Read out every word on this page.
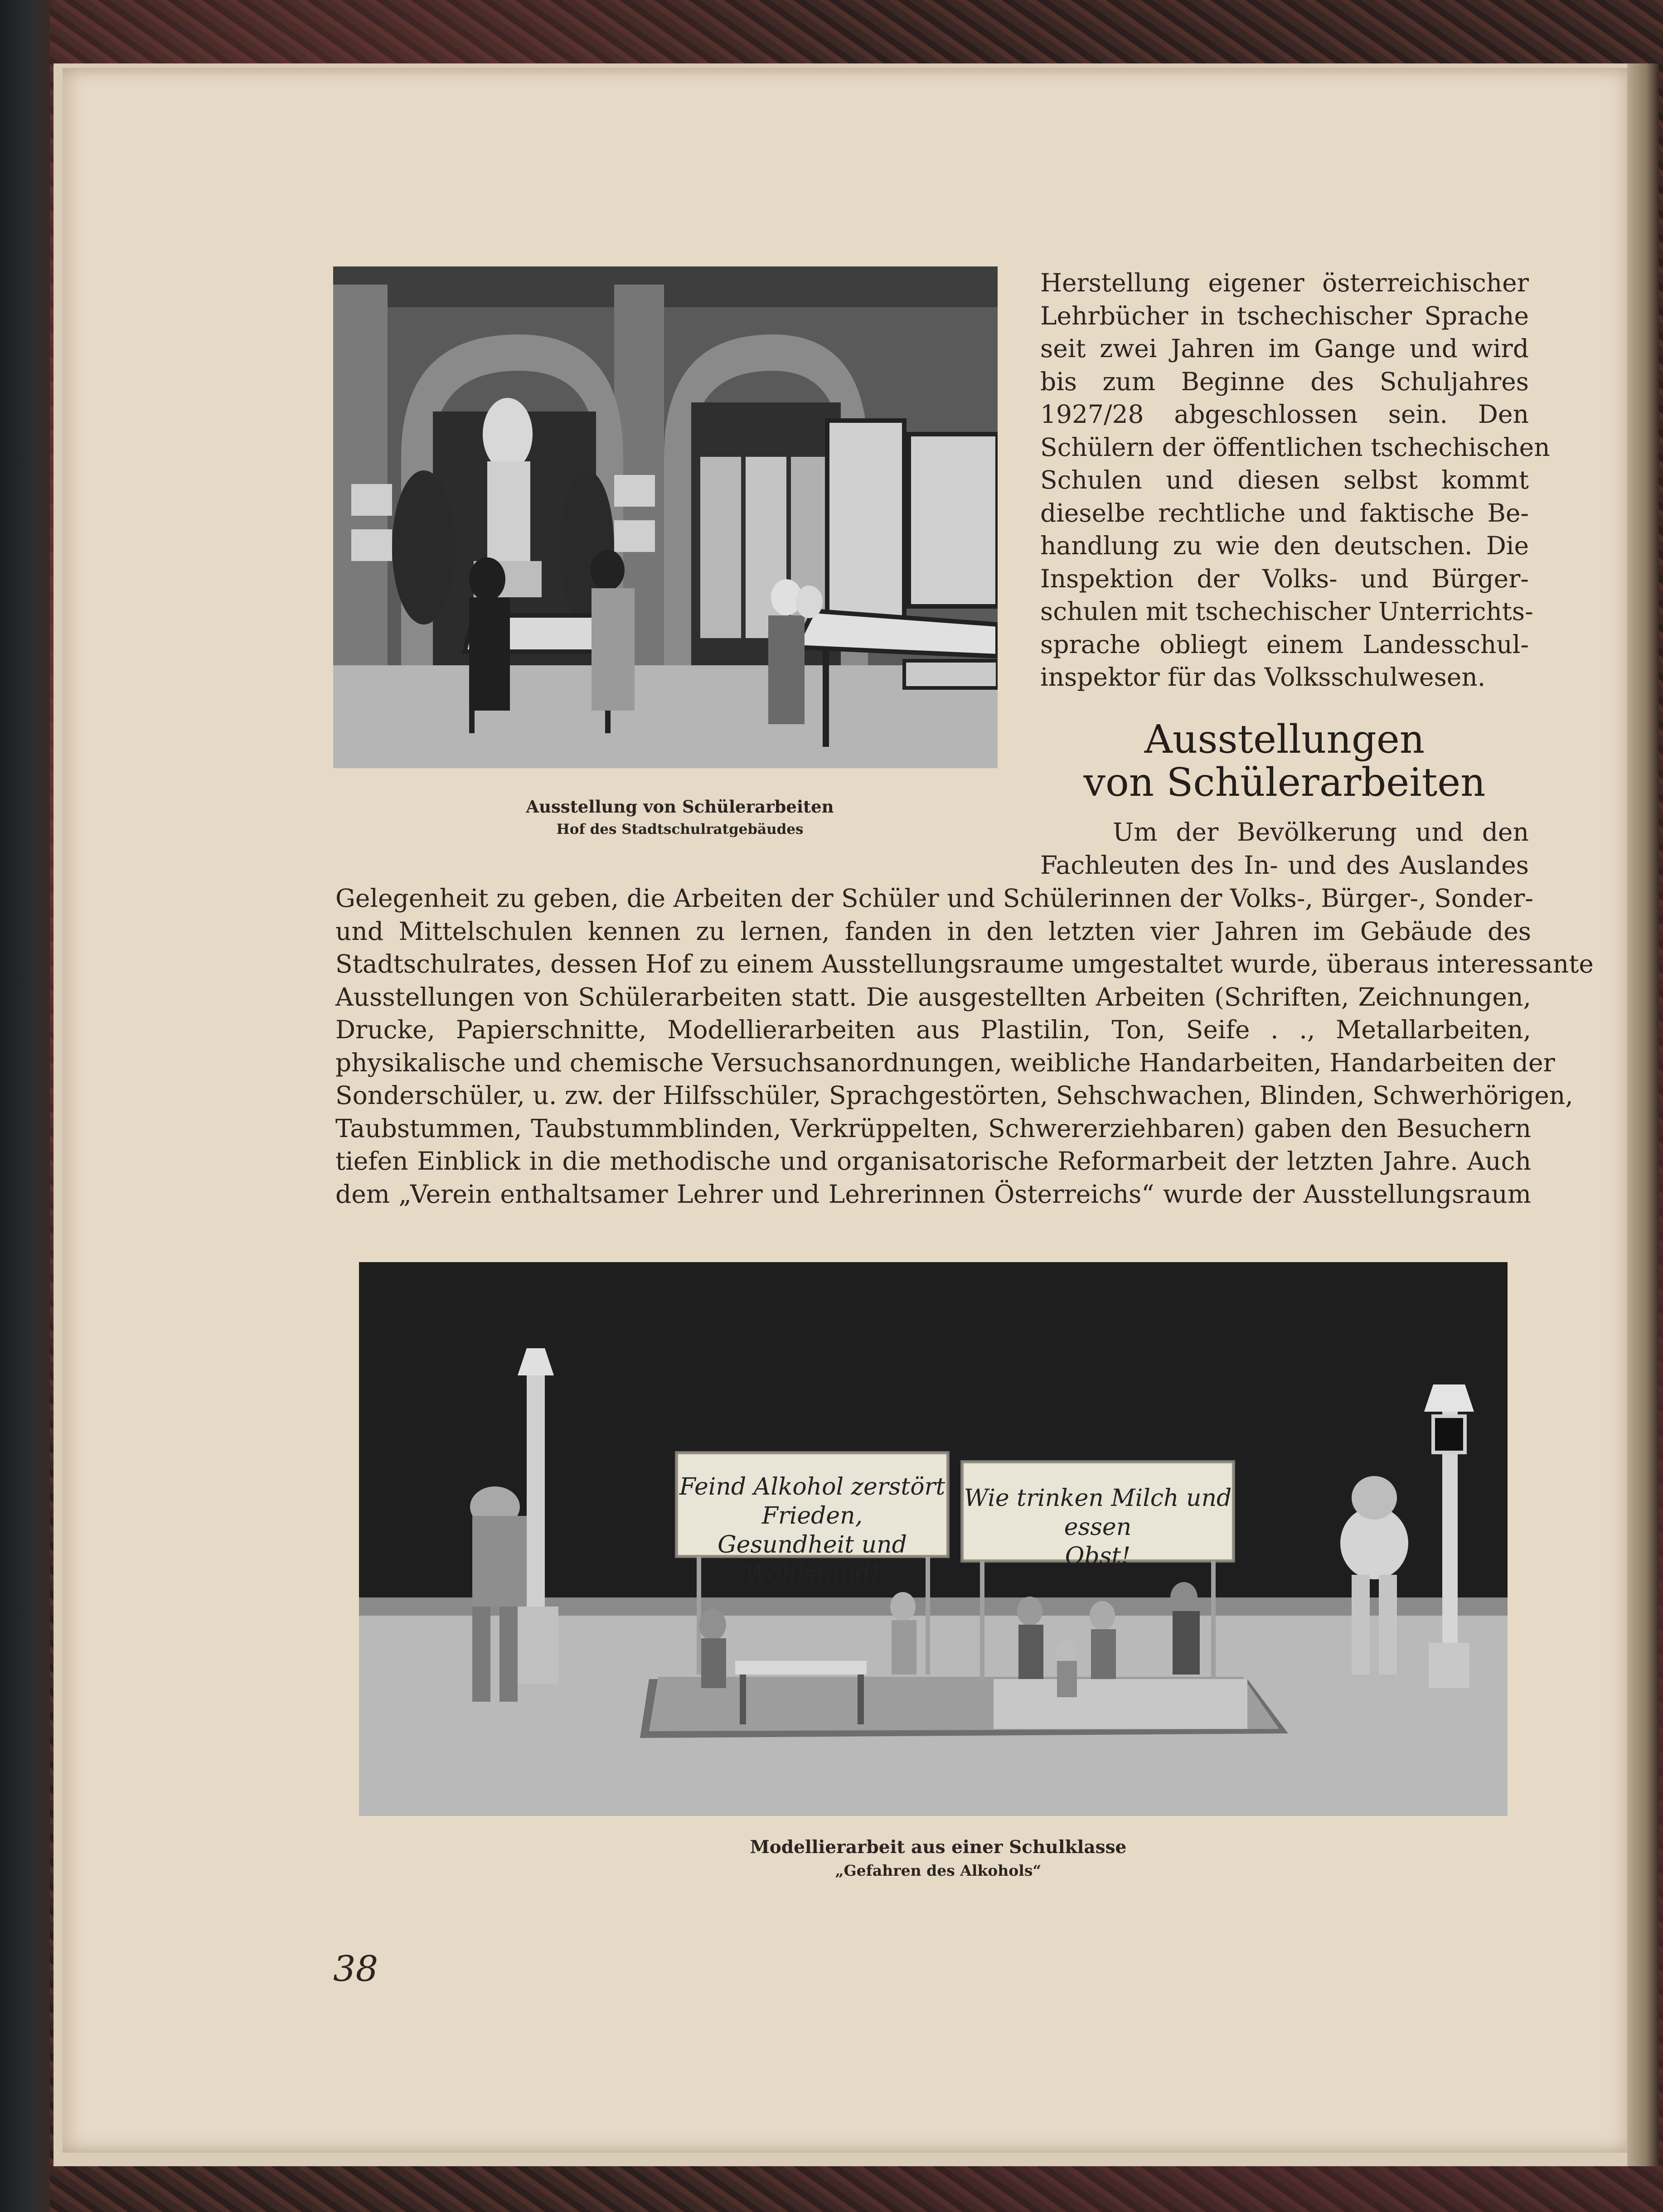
Ausstellung von Schülerarbeiten
Hof des Stadtschulratgebäudes
Herstellung eigener österreichischer
Lehrbücher in tschechischer Sprache
seit zwei Jahren im Gange und wird
bis zum Beginne des Schuljahres
1927/28 abgeschlossen sein. Den
Schülern der öffentlichen tschechischen
Schulen und diesen selbst kommt
dieselbe rechtliche und faktische Be-
handlung zu wie den deutschen. Die
Inspektion der Volks- und Bürger-
schulen mit tschechischer Unterrichts-
sprache obliegt einem Landesschul-
inspektor für das Volksschulwesen.
Ausstellungen
von Schülerarbeiten
Um der Bevölkerung und den
Fachleuten des In- und des Auslandes
Gelegenheit zu geben, die Arbeiten der Schüler und Schülerinnen der Volks-, Bürger-, Sonder-
und Mittelschulen kennen zu lernen, fanden in den letzten vier Jahren im Gebäude des
Stadtschulrates, dessen Hof zu einem Ausstellungsraume umgestaltet wurde, überaus interessante
Ausstellungen von Schülerarbeiten statt. Die ausgestellten Arbeiten (Schriften, Zeichnungen,
Drucke, Papierschnitte, Modellierarbeiten aus Plastilin, Ton, Seife . ., Metallarbeiten,
physikalische und chemische Versuchsanordnungen, weibliche Handarbeiten, Handarbeiten der
Sonderschüler, u. zw. der Hilfsschüler, Sprachgestörten, Sehschwachen, Blinden, Schwerhörigen,
Taubstummen, Taubstummblinden, Verkrüppelten, Schwererziehbaren) gaben den Besuchern
tiefen Einblick in die methodische und organisatorische Reformarbeit der letzten Jahre. Auch
dem „Verein enthaltsamer Lehrer und Lehrerinnen Österreichs“ wurde der Ausstellungsraum
Feind Alkohol zerstört Frieden,
Gesundheit und Wohlstand!
Wie trinken Milch und essen
Obst!
Modellierarbeit aus einer Schulklasse
„Gefahren des Alkohols“
38
